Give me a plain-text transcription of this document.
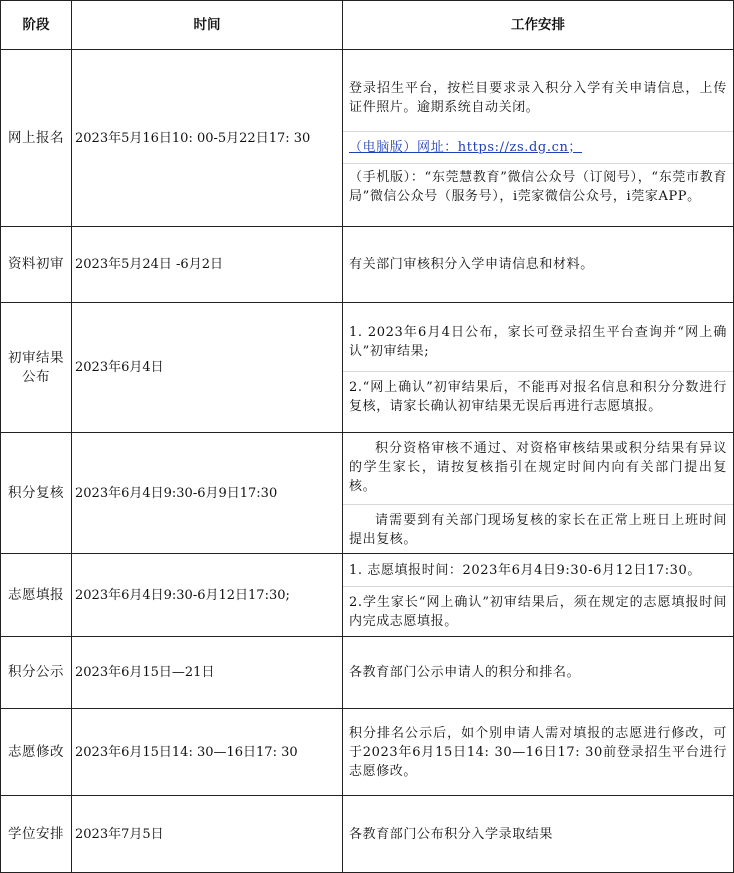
阶段	时间	工作安排
网上报名	2023年5月16日10: 00-5月22日17: 30	登录招生平台，按栏目要求录入积分入学有关申请信息，上传证件照片。逾期系统自动关闭。
（电脑版）网址：https://zs.dg.cn；
（手机版）：“东莞慧教育”微信公众号（订阅号），“东莞市教育局”微信公众号（服务号），i莞家微信公众号，i莞家APP。

资料初审	2023年5月24日 -6月2日	有关部门审核积分入学申请信息和材料。

初审结果公布	2023年6月4日	1. 2023年6月4日公布，家长可登录招生平台查询并“网上确认”初审结果;
2.“网上确认”初审结果后，不能再对报名信息和积分分数进行复核，请家长确认初审结果无误后再进行志愿填报。

积分复核	2023年6月4日9:30-6月9日17:30	积分资格审核不通过、对资格审核结果或积分结果有异议的学生家长，请按复核指引在规定时间内向有关部门提出复核。
请需要到有关部门现场复核的家长在正常上班日上班时间提出复核。

志愿填报	2023年6月4日9:30-6月12日17:30;	1. 志愿填报时间：2023年6月4日9:30-6月12日17:30。
2.学生家长“网上确认”初审结果后，须在规定的志愿填报时间内完成志愿填报。

积分公示	2023年6月15日—21日	各教育部门公示申请人的积分和排名。

志愿修改	2023年6月15日14: 30—16日17: 30	积分排名公示后，如个别申请人需对填报的志愿进行修改，可于2023年6月15日14: 30—16日17: 30前登录招生平台进行志愿修改。

学位安排	2023年7月5日	各教育部门公布积分入学录取结果
